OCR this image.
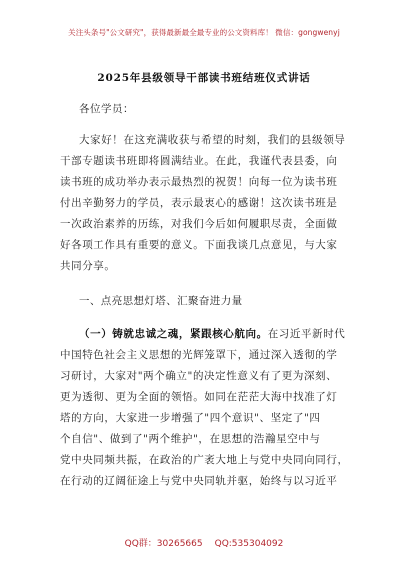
关注头条号"公文研究"，获得最新最全最专业的公文资料库！ 微信：gongwenyj
2025年县级领导干部读书班结班仪式讲话
各位学员：
大家好！在这充满收获与希望的时刻，我们的县级领导
干部专题读书班即将圆满结业。在此，我谨代表县委，向
读书班的成功举办表示最热烈的祝贺！向每一位为读书班
付出辛勤努力的学员，表示最衷心的感谢！这次读书班是
一次政治素养的历练，对我们今后如何履职尽责，全面做
好各项工作具有重要的意义。下面我谈几点意见，与大家
共同分享。
一、点亮思想灯塔、汇聚奋进力量
（一）铸就忠诚之魂，紧跟核心航向。在习近平新时代
中国特色社会主义思想的光辉笼罩下，通过深入透彻的学
习研讨，大家对"两个确立"的决定性意义有了更为深刻、
更为透彻、更为全面的领悟。如同在茫茫大海中找准了灯
塔的方向，大家进一步增强了"四个意识"、坚定了"四
个自信"、做到了"两个维护"，在思想的浩瀚星空中与
党中央同频共振，在政治的广袤大地上与党中央同向同行，
在行动的辽阔征途上与党中央同轨并驱，始终与以习近平
QQ群：30265665 QQ:535304092
